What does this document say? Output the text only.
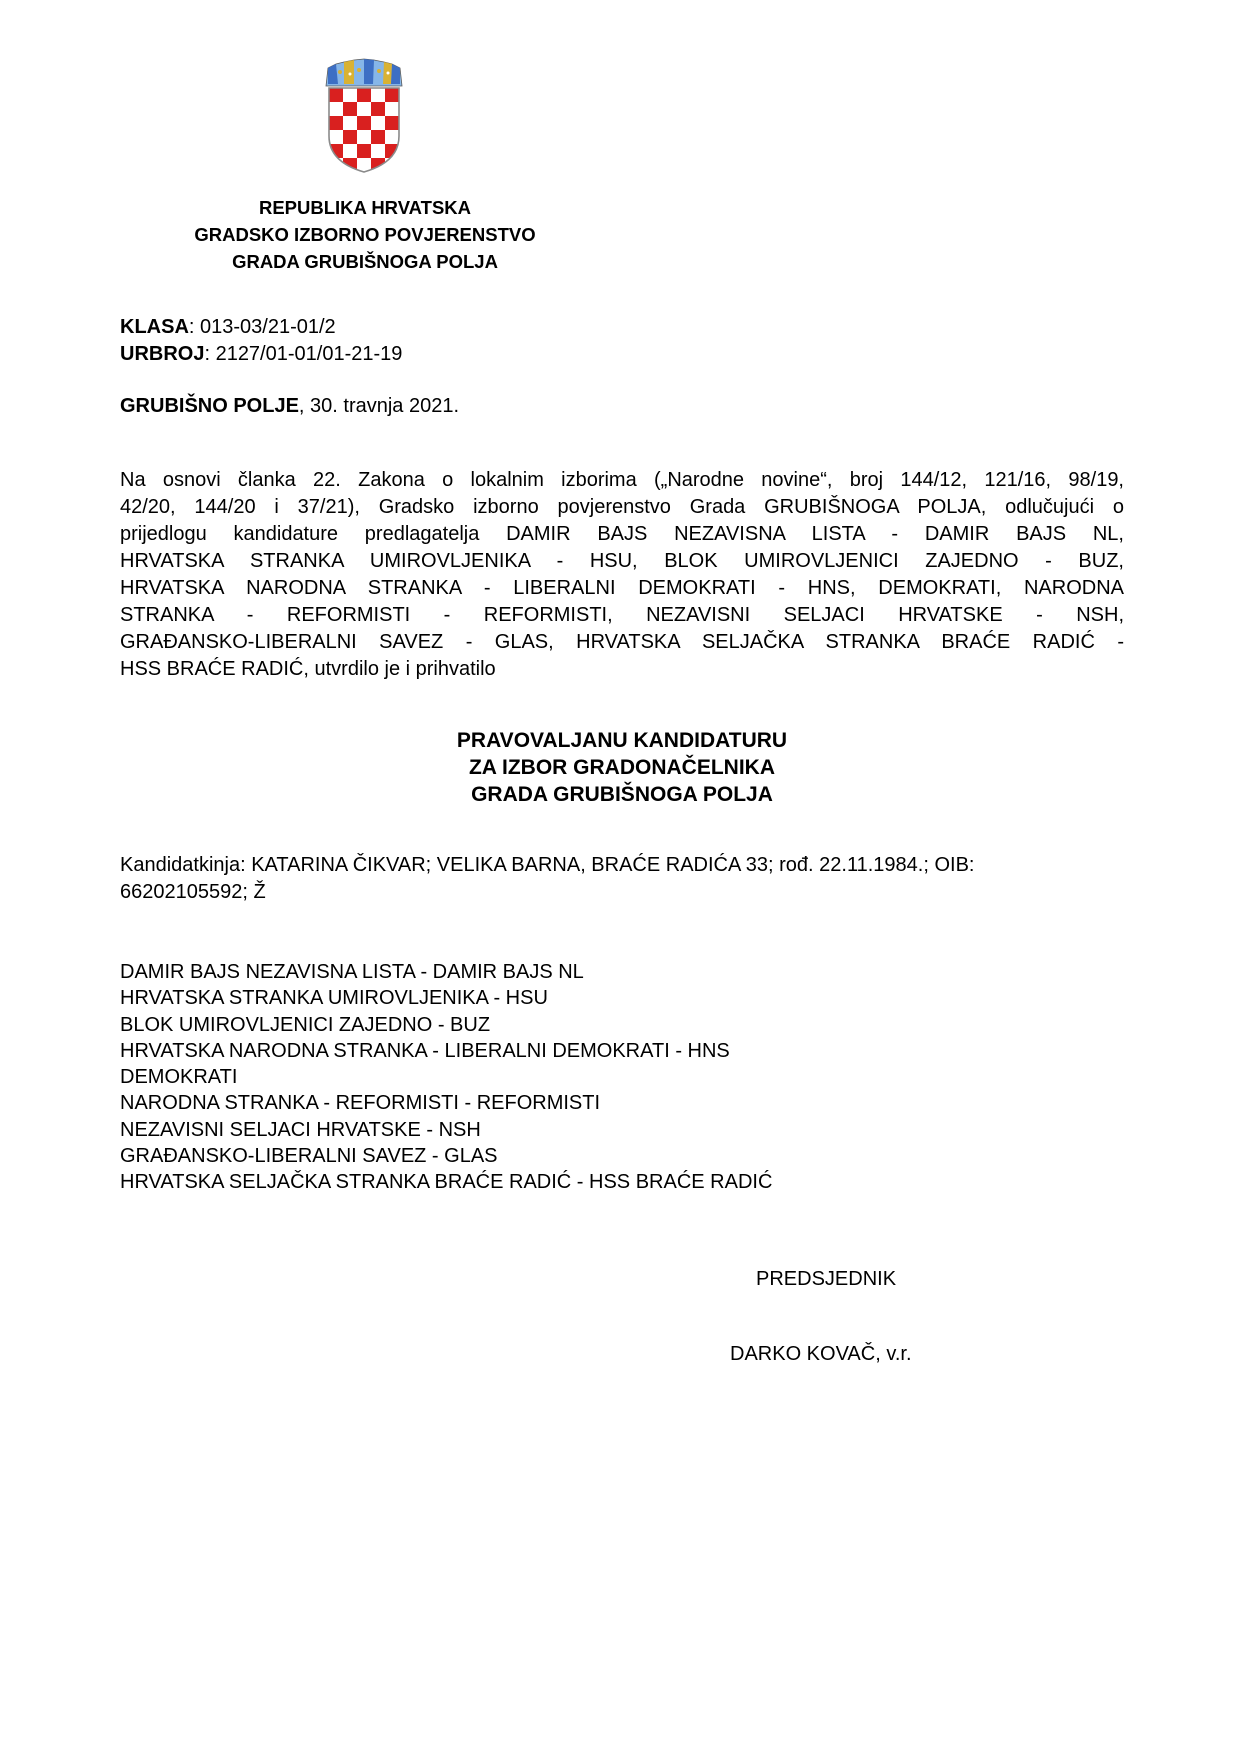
REPUBLIKA HRVATSKA
GRADSKO IZBORNO POVJERENSTVO
GRADA GRUBIŠNOGA POLJA
KLASA: 013-03/21-01/2
URBROJ: 2127/01-01/01-21-19
GRUBIŠNO POLJE, 30. travnja 2021.
Na osnovi članka 22. Zakona o lokalnim izborima („Narodne novine“, broj 144/12, 121/16, 98/19,
42/20, 144/20 i 37/21), Gradsko izborno povjerenstvo Grada GRUBIŠNOGA POLJA, odlučujući o
prijedlogu kandidature predlagatelja DAMIR BAJS NEZAVISNA LISTA - DAMIR BAJS NL,
HRVATSKA STRANKA UMIROVLJENIKA - HSU, BLOK UMIROVLJENICI ZAJEDNO - BUZ,
HRVATSKA NARODNA STRANKA - LIBERALNI DEMOKRATI - HNS, DEMOKRATI, NARODNA
STRANKA - REFORMISTI - REFORMISTI, NEZAVISNI SELJACI HRVATSKE - NSH,
GRAĐANSKO-LIBERALNI SAVEZ - GLAS, HRVATSKA SELJAČKA STRANKA BRAĆE RADIĆ -
HSS BRAĆE RADIĆ, utvrdilo je i prihvatilo
PRAVOVALJANU KANDIDATURU
ZA IZBOR GRADONAČELNIKA
GRADA GRUBIŠNOGA POLJA
Kandidatkinja: KATARINA ČIKVAR; VELIKA BARNA, BRAĆE RADIĆA 33; rođ. 22.11.1984.; OIB:
66202105592; Ž
DAMIR BAJS NEZAVISNA LISTA - DAMIR BAJS NL
HRVATSKA STRANKA UMIROVLJENIKA - HSU
BLOK UMIROVLJENICI ZAJEDNO - BUZ
HRVATSKA NARODNA STRANKA - LIBERALNI DEMOKRATI - HNS
DEMOKRATI
NARODNA STRANKA - REFORMISTI - REFORMISTI
NEZAVISNI SELJACI HRVATSKE - NSH
GRAĐANSKO-LIBERALNI SAVEZ - GLAS
HRVATSKA SELJAČKA STRANKA BRAĆE RADIĆ - HSS BRAĆE RADIĆ
PREDSJEDNIK
DARKO KOVAČ, v.r.
